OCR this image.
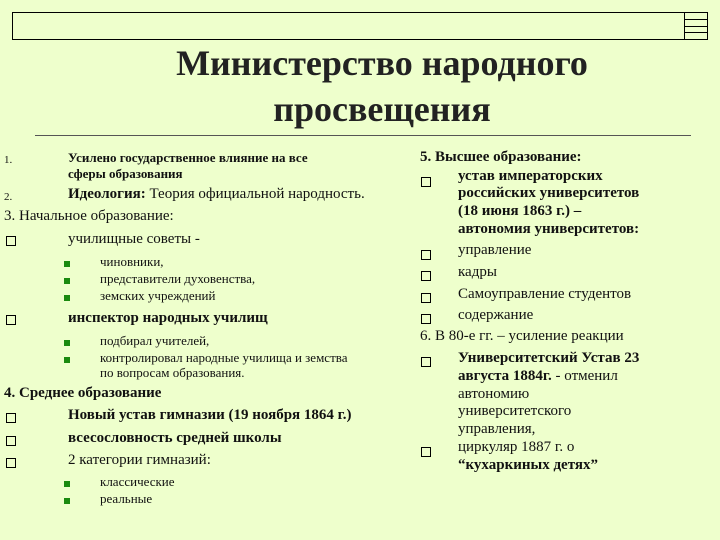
Министерство народного
просвещения
1.	Усилено государственное влияние на все
сферы образования
2.	Идеология: Теория официальной народность.
3. Начальное образование:
училищные советы -
чиновники,
представители духовенства,
земских учреждений
инспектор народных училищ
подбирал учителей,
контролировал народные училища и земства
по вопросам образования.
4. Среднее образование
Новый устав гимназии (19 ноября 1864 г.)
всесословность средней школы
2 категории гимназий:
классические
реальные
5. Высшее образование:
устав императорских
российских университетов
(18 июня 1863 г.) –
автономия университетов:
управление
кадры
Самоуправление студентов
содержание
6. В 80-е гг. – усиление реакции
Университетский Устав 23
августа 1884г. - отменил
автономию
университетского
управления,
циркуляр 1887 г. о
“кухаркиных детях”
